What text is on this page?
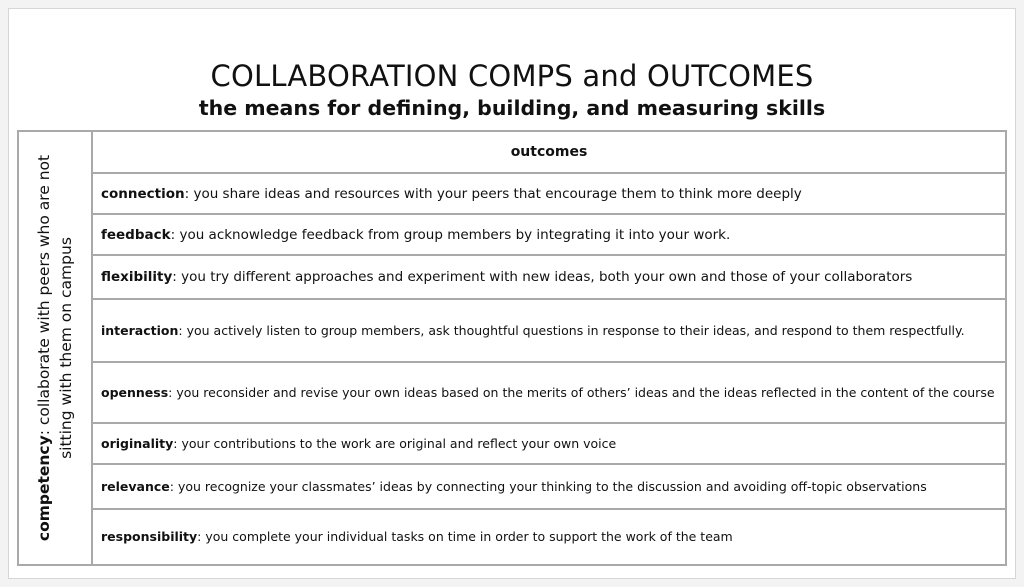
COLLABORATION COMPS and OUTCOMES
the means for defining, building, and measuring skills
competency: collaborate with peers who are not sitting with them on campus
outcomes
connection: you share ideas and resources with your peers that encourage them to think more deeply
feedback: you acknowledge feedback from group members by integrating it into your work.
flexibility: you try different approaches and experiment with new ideas, both your own and those of your collaborators
interaction: you actively listen to group members, ask thoughtful questions in response to their ideas, and respond to them respectfully.
openness: you reconsider and revise your own ideas based on the merits of others’ ideas and the ideas reflected in the content of the course
originality: your contributions to the work are original and reflect your own voice
relevance: you recognize your classmates’ ideas by connecting your thinking to the discussion and avoiding off-topic observations
responsibility: you complete your individual tasks on time in order to support the work of the team
